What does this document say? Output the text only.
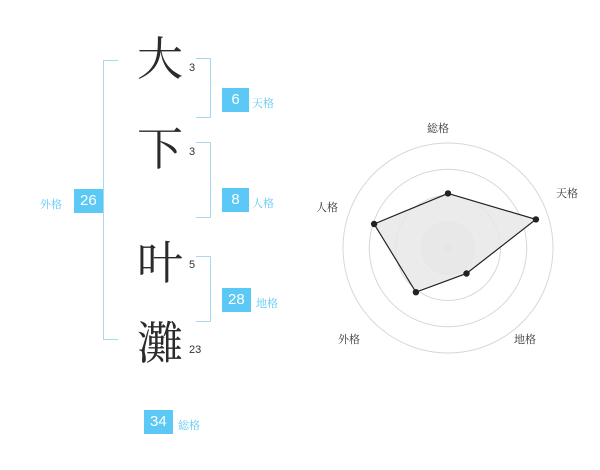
大
下
叶
灘
3
3
5
23
6	天格
8	人格
28	地格
26
外格
34	総格
総格
天格
地格
外格
人格
